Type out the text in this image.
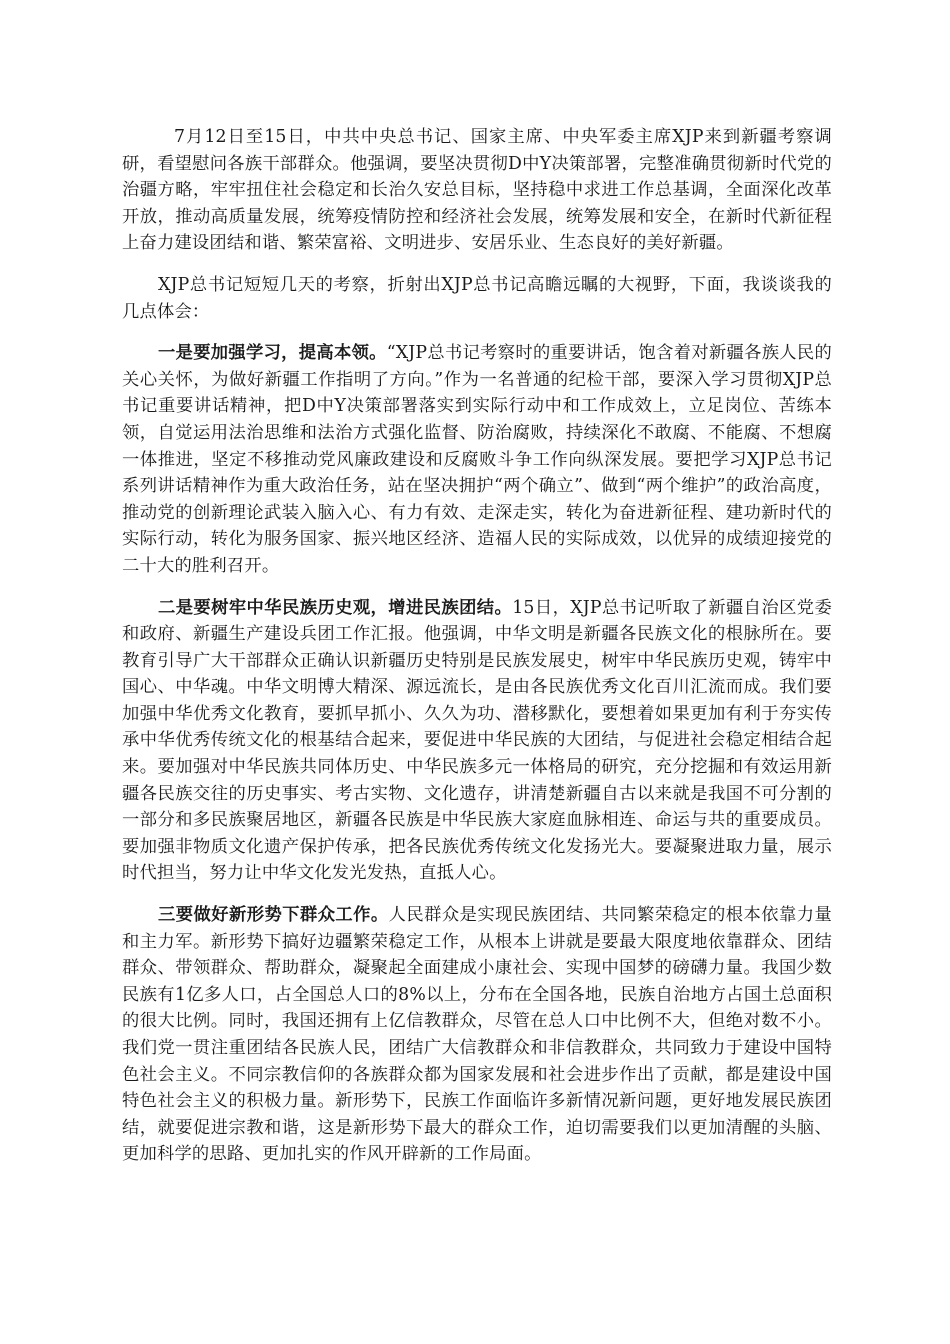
7月12日至15日，中共中央总书记、国家主席、中央军委主席XJP来到新疆考察调研，看望慰问各族干部群众。他强调，要坚决贯彻D中Y决策部署，完整准确贯彻新时代党的治疆方略，牢牢扭住社会稳定和长治久安总目标，坚持稳中求进工作总基调，全面深化改革开放，推动高质量发展，统筹疫情防控和经济社会发展，统筹发展和安全，在新时代新征程上奋力建设团结和谐、繁荣富裕、文明进步、安居乐业、生态良好的美好新疆。

XJP总书记短短几天的考察，折射出XJP总书记高瞻远瞩的大视野，下面，我谈谈我的几点体会：

一是要加强学习，提高本领。“XJP总书记考察时的重要讲话，饱含着对新疆各族人民的关心关怀，为做好新疆工作指明了方向。”作为一名普通的纪检干部，要深入学习贯彻XJP总书记重要讲话精神，把D中Y决策部署落实到实际行动中和工作成效上，立足岗位、苦练本领，自觉运用法治思维和法治方式强化监督、防治腐败，持续深化不敢腐、不能腐、不想腐一体推进，坚定不移推动党风廉政建设和反腐败斗争工作向纵深发展。要把学习XJP总书记系列讲话精神作为重大政治任务，站在坚决拥护“两个确立”、做到“两个维护”的政治高度，推动党的创新理论武装入脑入心、有力有效、走深走实，转化为奋进新征程、建功新时代的实际行动，转化为服务国家、振兴地区经济、造福人民的实际成效，以优异的成绩迎接党的二十大的胜利召开。

二是要树牢中华民族历史观，增进民族团结。15日，XJP总书记听取了新疆自治区党委和政府、新疆生产建设兵团工作汇报。他强调，中华文明是新疆各民族文化的根脉所在。要教育引导广大干部群众正确认识新疆历史特别是民族发展史，树牢中华民族历史观，铸牢中国心、中华魂。中华文明博大精深、源远流长，是由各民族优秀文化百川汇流而成。我们要加强中华优秀文化教育，要抓早抓小、久久为功、潜移默化，要想着如果更加有利于夯实传承中华优秀传统文化的根基结合起来，要促进中华民族的大团结，与促进社会稳定相结合起来。要加强对中华民族共同体历史、中华民族多元一体格局的研究，充分挖掘和有效运用新疆各民族交往的历史事实、考古实物、文化遗存，讲清楚新疆自古以来就是我国不可分割的一部分和多民族聚居地区，新疆各民族是中华民族大家庭血脉相连、命运与共的重要成员。要加强非物质文化遗产保护传承，把各民族优秀传统文化发扬光大。要凝聚进取力量，展示时代担当，努力让中华文化发光发热，直抵人心。

三要做好新形势下群众工作。人民群众是实现民族团结、共同繁荣稳定的根本依靠力量和主力军。新形势下搞好边疆繁荣稳定工作，从根本上讲就是要最大限度地依靠群众、团结群众、带领群众、帮助群众，凝聚起全面建成小康社会、实现中国梦的磅礴力量。我国少数民族有1亿多人口，占全国总人口的8%以上，分布在全国各地，民族自治地方占国土总面积的很大比例。同时，我国还拥有上亿信教群众，尽管在总人口中比例不大，但绝对数不小。我们党一贯注重团结各民族人民，团结广大信教群众和非信教群众，共同致力于建设中国特色社会主义。不同宗教信仰的各族群众都为国家发展和社会进步作出了贡献，都是建设中国特色社会主义的积极力量。新形势下，民族工作面临许多新情况新问题，更好地发展民族团结，就要促进宗教和谐，这是新形势下最大的群众工作，迫切需要我们以更加清醒的头脑、更加科学的思路、更加扎实的作风开辟新的工作局面。
